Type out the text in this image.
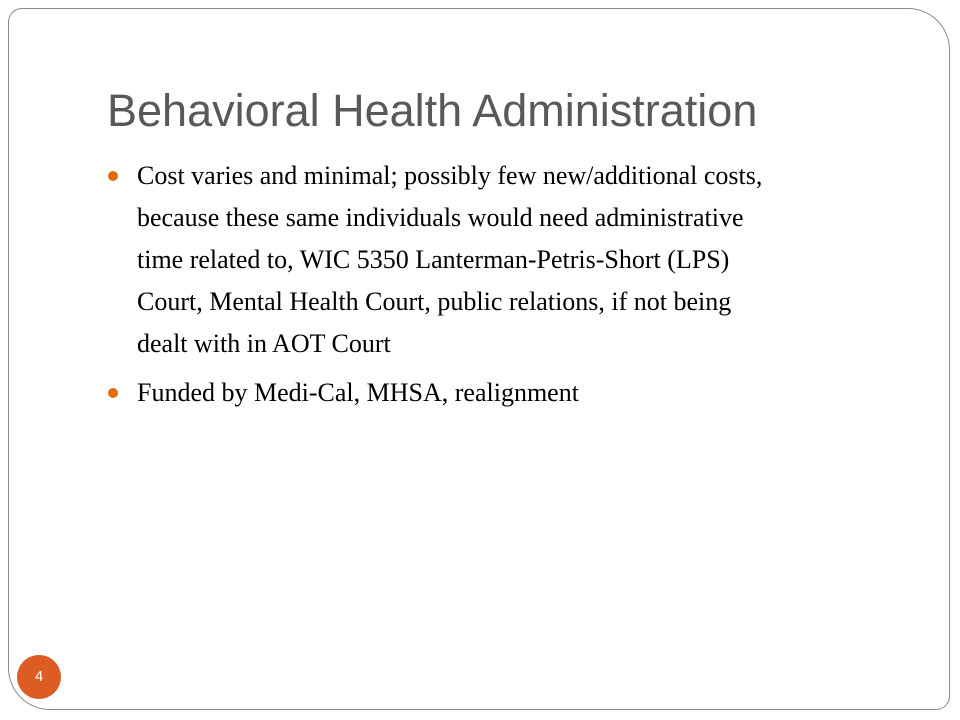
Behavioral Health Administration
Cost varies and minimal; possibly few new/additional costs,
because these same individuals would need administrative
time related to, WIC 5350 Lanterman-Petris-Short (LPS)
Court, Mental Health Court, public relations, if not being
dealt with in AOT Court
Funded by Medi-Cal, MHSA, realignment
4
